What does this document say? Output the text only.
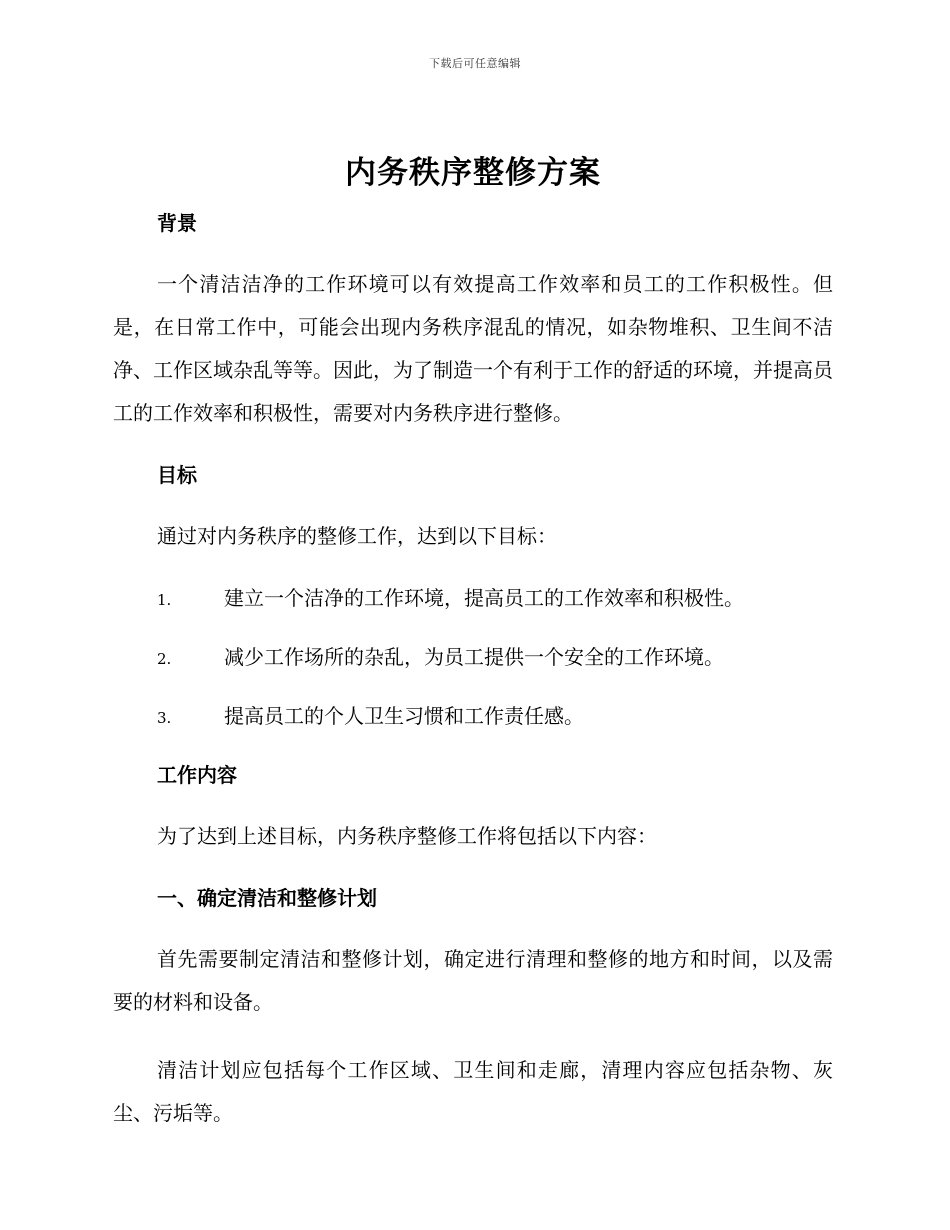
下载后可任意编辑
内务秩序整修方案
背景

一个清洁洁净的工作环境可以有效提高工作效率和员工的工作积极性。但是，在日常工作中，可能会出现内务秩序混乱的情况，如杂物堆积、卫生间不洁净、工作区域杂乱等等。因此，为了制造一个有利于工作的舒适的环境，并提高员工的工作效率和积极性，需要对内务秩序进行整修。

目标

通过对内务秩序的整修工作，达到以下目标：

1.	建立一个洁净的工作环境，提高员工的工作效率和积极性。
2.	减少工作场所的杂乱，为员工提供一个安全的工作环境。
3.	提高员工的个人卫生习惯和工作责任感。
工作内容

为了达到上述目标，内务秩序整修工作将包括以下内容：

一、确定清洁和整修计划

首先需要制定清洁和整修计划，确定进行清理和整修的地方和时间，以及需要的材料和设备。

清洁计划应包括每个工作区域、卫生间和走廊，清理内容应包括杂物、灰尘、污垢等。
